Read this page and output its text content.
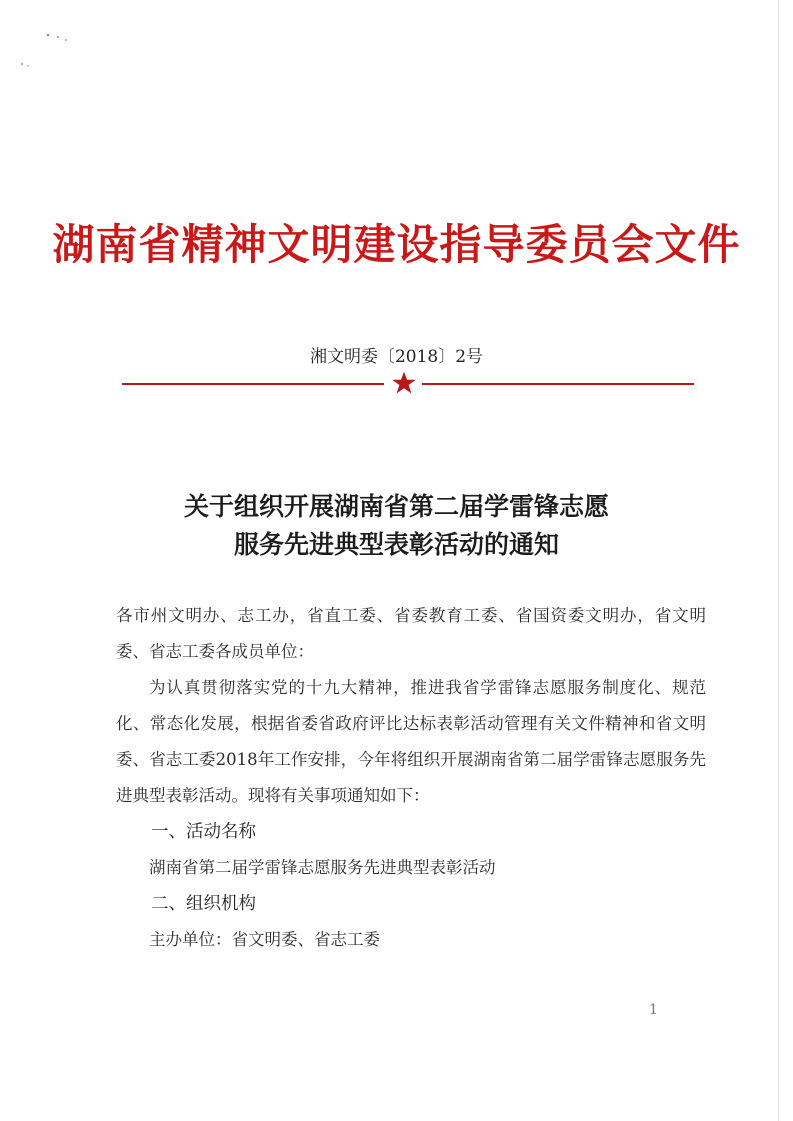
湖南省精神文明建设指导委员会文件
湘文明委〔2018〕2号
关于组织开展湖南省第二届学雷锋志愿
服务先进典型表彰活动的通知

各市州文明办、志工办，省直工委、省委教育工委、省国资委文明办，省文明委、省志工委各成员单位：

为认真贯彻落实党的十九大精神，推进我省学雷锋志愿服务制度化、规范化、常态化发展，根据省委省政府评比达标表彰活动管理有关文件精神和省文明委、省志工委2018年工作安排，今年将组织开展湖南省第二届学雷锋志愿服务先进典型表彰活动。现将有关事项通知如下：

一、活动名称

湖南省第二届学雷锋志愿服务先进典型表彰活动

二、组织机构

主办单位：省文明委、省志工委

1
